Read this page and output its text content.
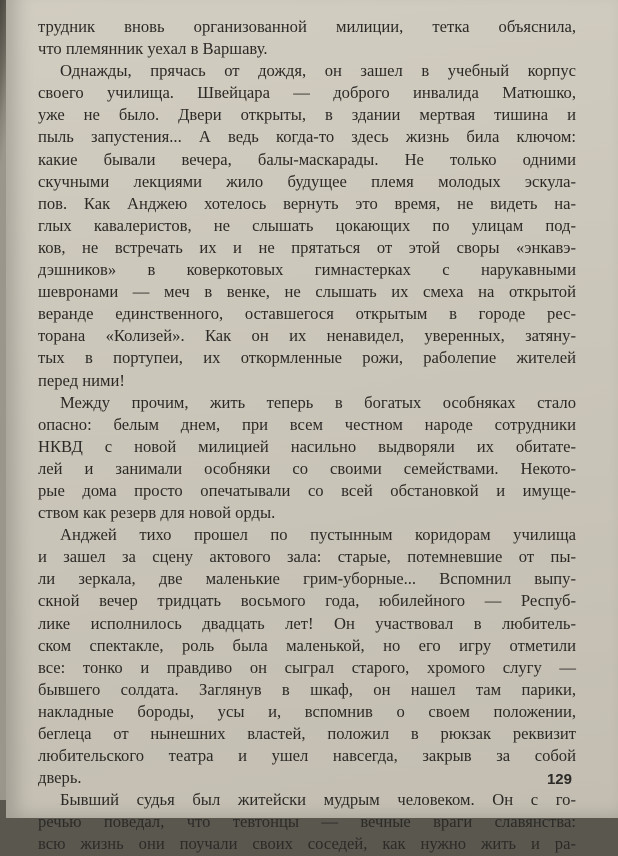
трудник вновь организованной милиции, тетка объяснила,
что племянник уехал в Варшаву.

Однажды, прячась от дождя, он зашел в учебный корпус
своего училища. Швейцара — доброго инвалида Матюшко,
уже не было. Двери открыты, в здании мертвая тишина и
пыль запустения... А ведь когда-то здесь жизнь била ключом:
какие бывали вечера, балы-маскарады. Не только одними
скучными лекциями жило будущее племя молодых эскула-
пов. Как Анджею хотелось вернуть это время, не видеть на-
глых кавалеристов, не слышать цокающих по улицам под-
ков, не встречать их и не прятаться от этой своры «энкавэ-
дэшников» в коверкотовых гимнастерках с нарукавными
шевронами — меч в венке, не слышать их смеха на открытой
веранде единственного, оставшегося открытым в городе рес-
торана «Колизей». Как он их ненавидел, уверенных, затяну-
тых в портупеи, их откормленные рожи, раболепие жителей
перед ними!

Между прочим, жить теперь в богатых особняках стало
опасно: белым днем, при всем честном народе сотрудники
НКВД с новой милицией насильно выдворяли их обитате-
лей и занимали особняки со своими семействами. Некото-
рые дома просто опечатывали со всей обстановкой и имуще-
ством как резерв для новой орды.

Анджей тихо прошел по пустынным коридорам училища
и зашел за сцену актового зала: старые, потемневшие от пы-
ли зеркала, две маленькие грим-уборные... Вспомнил выпу-
скной вечер тридцать восьмого года, юбилейного — Респуб-
лике исполнилось двадцать лет! Он участвовал в любитель-
ском спектакле, роль была маленькой, но его игру отметили
все: тонко и правдиво он сыграл старого, хромого слугу —
бывшего солдата. Заглянув в шкаф, он нашел там парики,
накладные бороды, усы и, вспомнив о своем положении,
беглеца от нынешних властей, положил в рюкзак реквизит
любительского театра и ушел навсегда, закрыв за собой
дверь.

Бывший судья был житейски мудрым человеком. Он с го-
речью поведал, что тевтонцы — вечные враги славянства:
всю жизнь они поучали своих соседей, как нужно жить и ра-

129
